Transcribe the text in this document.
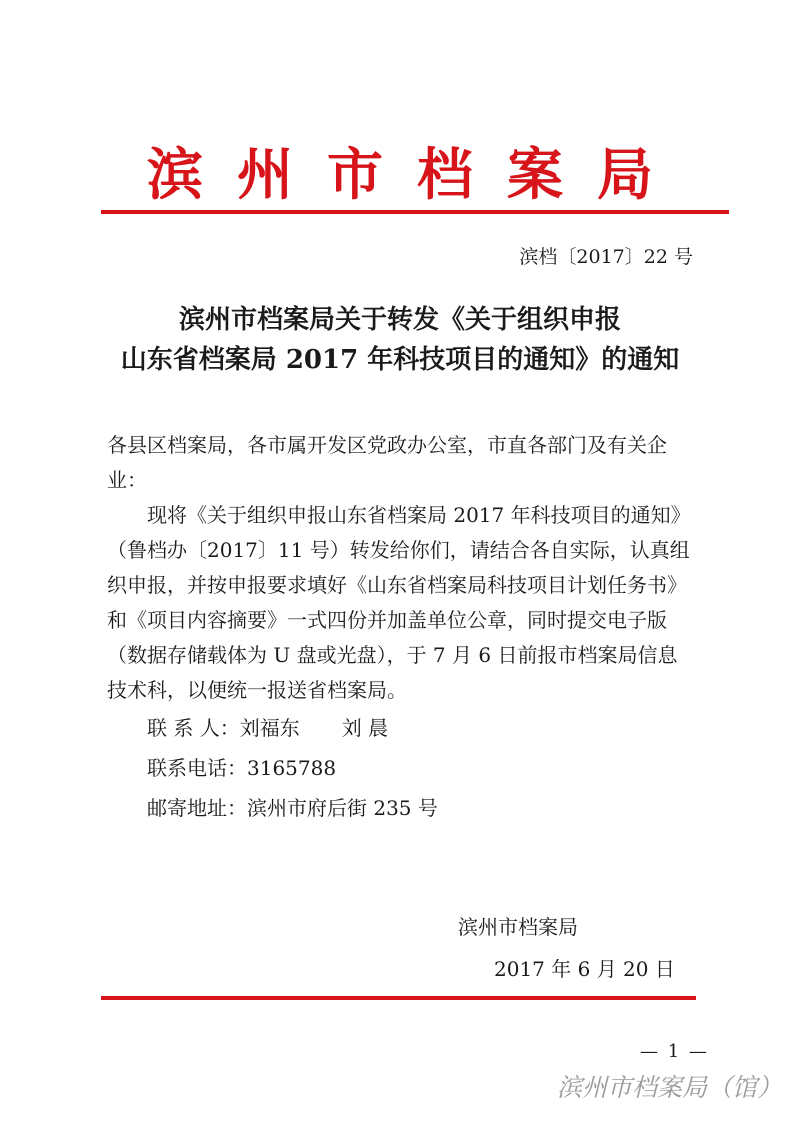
滨州市档案局
滨档〔2017〕22 号
滨州市档案局关于转发《关于组织申报
山东省档案局 2017 年科技项目的通知》的通知

各县区档案局，各市属开发区党政办公室，市直各部门及有关企业：

现将《关于组织申报山东省档案局 2017 年科技项目的通知》（鲁档办〔2017〕11 号）转发给你们，请结合各自实际，认真组织申报，并按申报要求填好《山东省档案局科技项目计划任务书》和《项目内容摘要》一式四份并加盖单位公章，同时提交电子版（数据存储载体为 U 盘或光盘），于 7 月 6 日前报市档案局信息技术科，以便统一报送省档案局。

联 系 人：刘福东 刘 晨
联系电话：3165788
邮寄地址：滨州市府后街 235 号
滨州市档案局
2017 年 6 月 20 日
— 1 —
滨州市档案局（馆）
